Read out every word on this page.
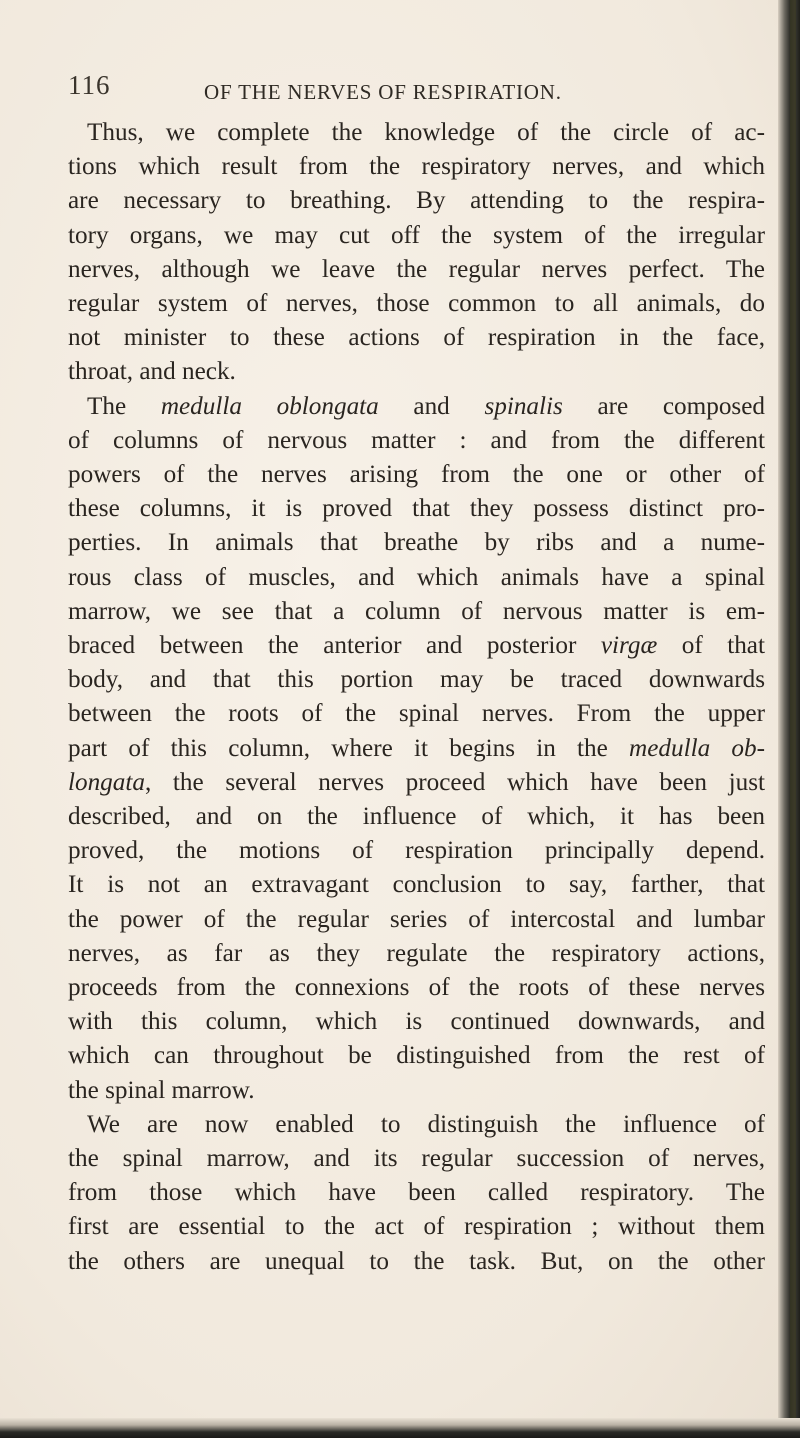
116	OF THE NERVES OF RESPIRATION.
Thus, we complete the knowledge of the circle of ac-
tions which result from the respiratory nerves, and which
are necessary to breathing. By attending to the respira-
tory organs, we may cut off the system of the irregular
nerves, although we leave the regular nerves perfect. The
regular system of nerves, those common to all animals, do
not minister to these actions of respiration in the face,
throat, and neck.
The medulla oblongata and spinalis are composed
of columns of nervous matter : and from the different
powers of the nerves arising from the one or other of
these columns, it is proved that they possess distinct pro-
perties. In animals that breathe by ribs and a nume-
rous class of muscles, and which animals have a spinal
marrow, we see that a column of nervous matter is em-
braced between the anterior and posterior virgæ of that
body, and that this portion may be traced downwards
between the roots of the spinal nerves. From the upper
part of this column, where it begins in the medulla ob-
longata, the several nerves proceed which have been just
described, and on the influence of which, it has been
proved, the motions of respiration principally depend.
It is not an extravagant conclusion to say, farther, that
the power of the regular series of intercostal and lumbar
nerves, as far as they regulate the respiratory actions,
proceeds from the connexions of the roots of these nerves
with this column, which is continued downwards, and
which can throughout be distinguished from the rest of
the spinal marrow.
We are now enabled to distinguish the influence of
the spinal marrow, and its regular succession of nerves,
from those which have been called respiratory. The
first are essential to the act of respiration ; without them
the others are unequal to the task. But, on the other
